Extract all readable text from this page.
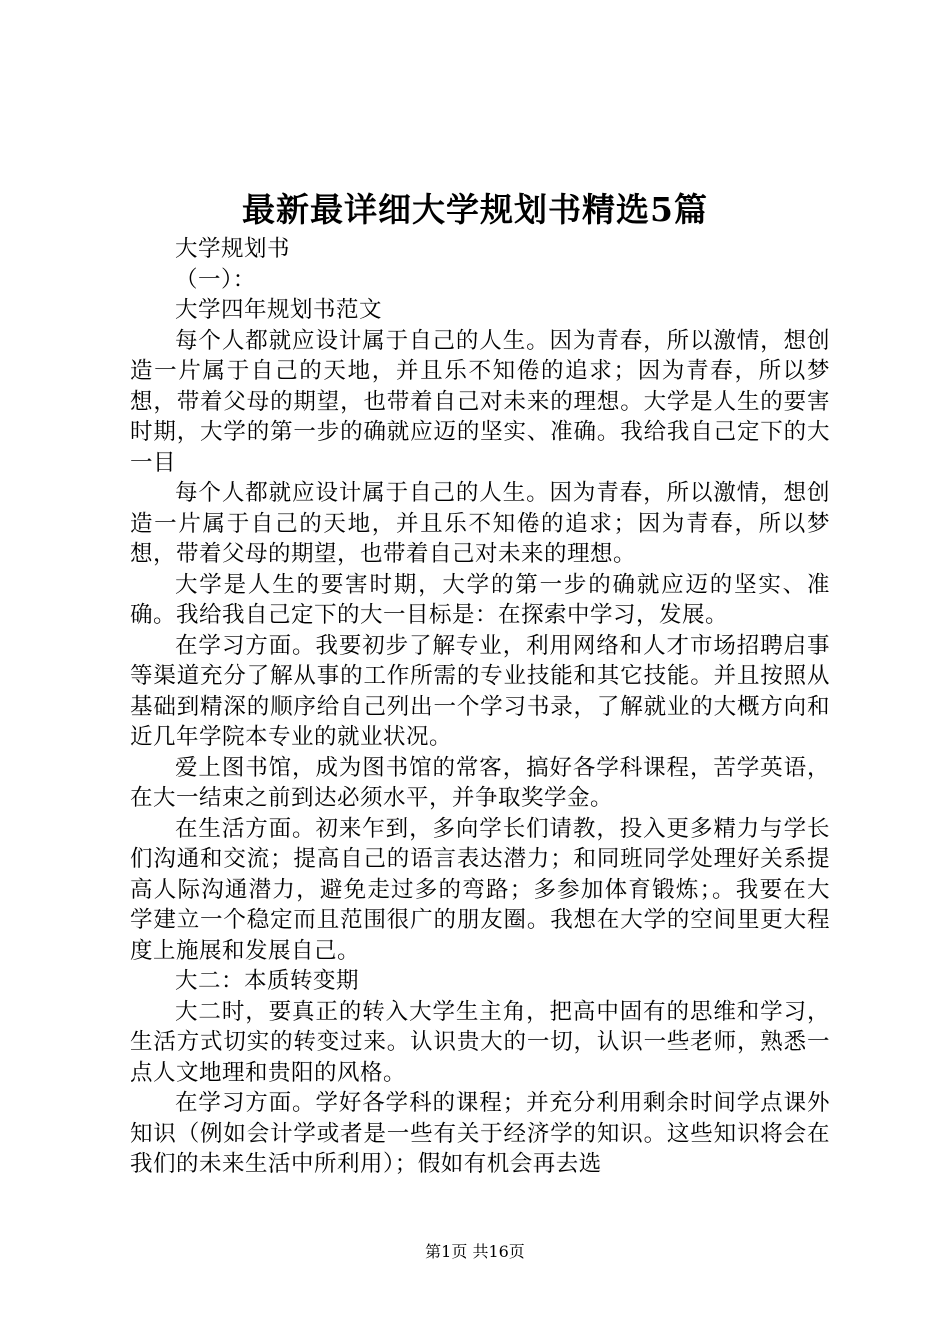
最新最详细大学规划书精选5篇

大学规划书

（一）：

大学四年规划书范文

每个人都就应设计属于自己的人生。因为青春，所以激情，想创造一片属于自己的天地，并且乐不知倦的追求；因为青春，所以梦想，带着父母的期望，也带着自己对未来的理想。大学是人生的要害时期，大学的第一步的确就应迈的坚实、准确。我给我自己定下的大一目

每个人都就应设计属于自己的人生。因为青春，所以激情，想创造一片属于自己的天地，并且乐不知倦的追求；因为青春，所以梦想，带着父母的期望，也带着自己对未来的理想。

大学是人生的要害时期，大学的第一步的确就应迈的坚实、准确。我给我自己定下的大一目标是：在探索中学习，发展。

在学习方面。我要初步了解专业，利用网络和人才市场招聘启事等渠道充分了解从事的工作所需的专业技能和其它技能。并且按照从基础到精深的顺序给自己列出一个学习书录，了解就业的大概方向和近几年学院本专业的就业状况。

爱上图书馆，成为图书馆的常客，搞好各学科课程，苦学英语，在大一结束之前到达必须水平，并争取奖学金。

在生活方面。初来乍到，多向学长们请教，投入更多精力与学长们沟通和交流；提高自己的语言表达潜力；和同班同学处理好关系提高人际沟通潜力，避免走过多的弯路；多参加体育锻炼；。我要在大学建立一个稳定而且范围很广的朋友圈。我想在大学的空间里更大程度上施展和发展自己。

大二：本质转变期

大二时，要真正的转入大学生主角，把高中固有的思维和学习，生活方式切实的转变过来。认识贵大的一切，认识一些老师，熟悉一点人文地理和贵阳的风格。

在学习方面。学好各学科的课程；并充分利用剩余时间学点课外知识（例如会计学或者是一些有关于经济学的知识。这些知识将会在我们的未来生活中所利用）；假如有机会再去选

第1页 共16页
